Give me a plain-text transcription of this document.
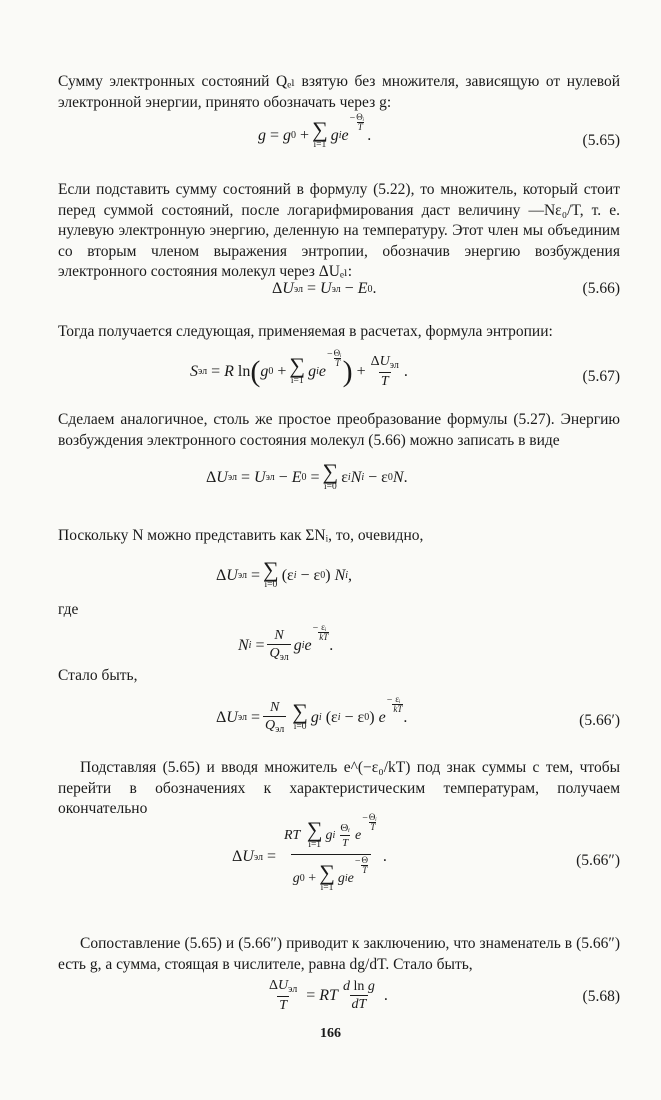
Сумму электронных состояний Qₑₗ взятую без множителя, зависящую от нулевой электронной энергии, принято обозначать через g:

g = g 0 + ∑
i=1
g i e
− Θᵢ
T .	(5.65)

Если подставить сумму состояний в формулу (5.22), то множитель, который стоит перед суммой состояний, после логарифмирования даст величину —Nε₀/T, т. е. нулевую электронную энергию, деленную на температуру. Этот член мы объединим со вторым членом выражения энтропии, обозначив энергию возбуждения электронного состояния молекул через ΔUₑₗ:

Δ U эл = U эл − E 0 .	(5.66)

Тогда получается следующая, применяемая в расчетах, формула энтропии:

S эл = R ln ( g 0 + ∑
i=1
g i e
− Θᵢ
T ) + $\frac{\Delta U_{эл}}{T}$ .	(5.67)

Сделаем аналогичное, столь же простое преобразование формулы (5.27). Энергию возбуждения электронного состояния молекул (5.66) можно записать в виде

Δ U эл = U эл − E 0 = ∑
i=0
ε i N i − ε 0 N .

Поскольку N можно представить как ΣNᵢ, то, очевидно,

Δ U эл = ∑
i=0
(ε i − ε 0 ) N i ,

где

N $i = \frac{N}{Q_{эл}}$ g i e
− εᵢ
kT .

Стало быть,

Δ U эл = $\frac{N}{Q_{эл}}$ ∑
i=0
g i (ε i − ε 0 ) e
− εᵢ
kT .	(5.66′)

Подставляя (5.65) и вводя множитель e^(−ε₀/kT) под знак суммы с тем, чтобы перейти в обозначениях к характеристическим температурам, получаем окончательно

Δ U эл = RT
∑
i=1
g i $\frac{\text{Θᵢ}}{T}$ e
− Θᵢ
T
g 0 + ∑
i=1
g i e
− Θ
T .	(5.66″)

Сопоставление (5.65) и (5.66″) приводит к заключению, что знаменатель в (5.66″) есть g, а сумма, стоящая в числителе, равна dg/dT. Стало быть,

$\frac{\Delta U_{эл}}{T}$ = RT $\frac{\text{d ln g}}{dT}$ .	(5.68)
166
